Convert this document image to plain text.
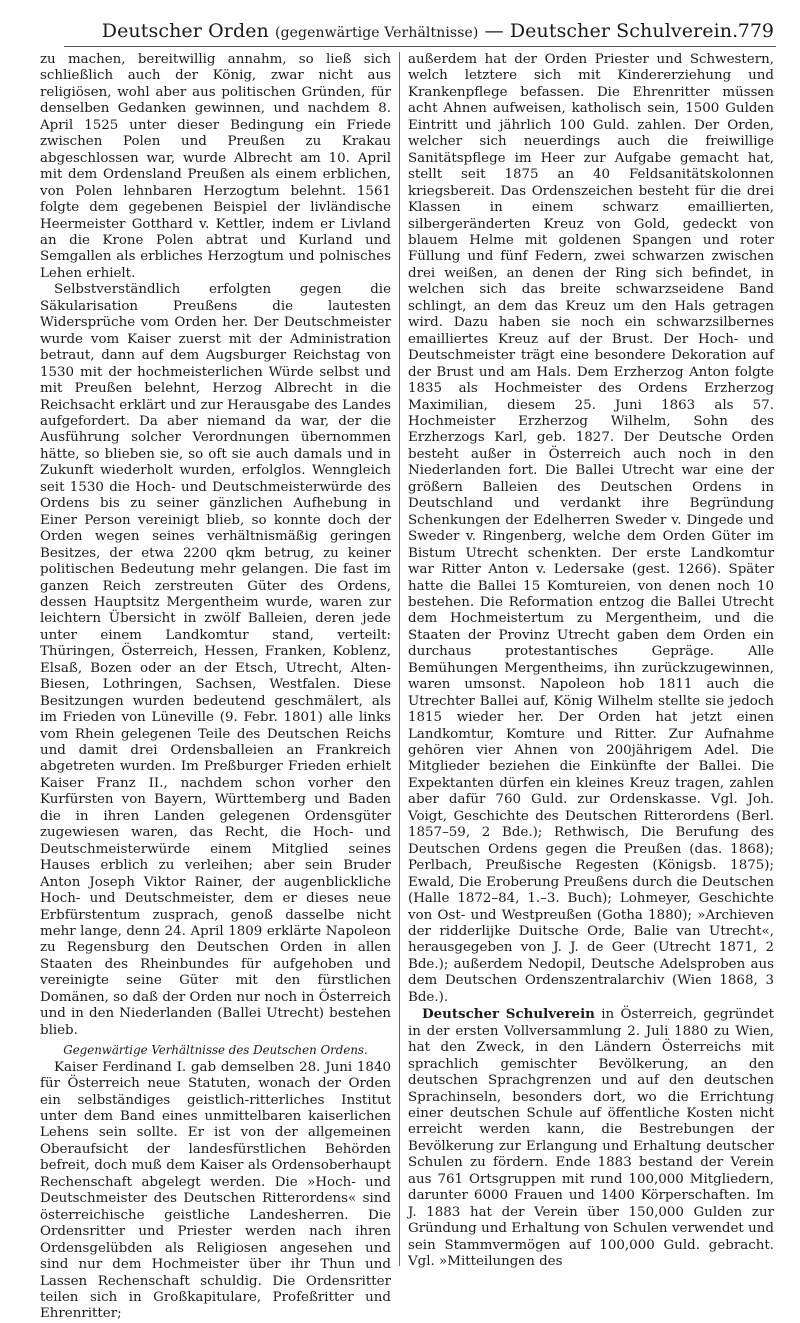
Deutscher Orden (gegenwärtige Verhältnisse) — Deutscher Schulverein. 779

zu machen, bereitwillig annahm, so ließ sich schließlich auch der König, zwar nicht aus religiösen, wohl aber aus politischen Gründen, für denselben Gedanken gewinnen, und nachdem 8. April 1525 unter dieser Bedingung ein Friede zwischen Polen und Preußen zu Krakau abgeschlossen war, wurde Albrecht am 10. April mit dem Ordensland Preußen als einem erblichen, von Polen lehnbaren Herzogtum belehnt. 1561 folgte dem gegebenen Beispiel der livländische Heermeister Gotthard v. Kettler, indem er Livland an die Krone Polen abtrat und Kurland und Semgallen als erbliches Herzogtum und polnisches Lehen erhielt.

Selbstverständlich erfolgten gegen die Säkularisation Preußens die lautesten Widersprüche vom Orden her. Der Deutschmeister wurde vom Kaiser zuerst mit der Administration betraut, dann auf dem Augsburger Reichstag von 1530 mit der hochmeisterlichen Würde selbst und mit Preußen belehnt, Herzog Albrecht in die Reichsacht erklärt und zur Herausgabe des Landes aufgefordert. Da aber niemand da war, der die Ausführung solcher Verordnungen übernommen hätte, so blieben sie, so oft sie auch damals und in Zukunft wiederholt wurden, erfolglos. Wenngleich seit 1530 die Hoch- und Deutschmeisterwürde des Ordens bis zu seiner gänzlichen Aufhebung in Einer Person vereinigt blieb, so konnte doch der Orden wegen seines verhältnismäßig geringen Besitzes, der etwa 2200 qkm betrug, zu keiner politischen Bedeutung mehr gelangen. Die fast im ganzen Reich zerstreuten Güter des Ordens, dessen Hauptsitz Mergentheim wurde, waren zur leichtern Übersicht in zwölf Balleien, deren jede unter einem Landkomtur stand, verteilt: Thüringen, Österreich, Hessen, Franken, Koblenz, Elsaß, Bozen oder an der Etsch, Utrecht, Alten-Biesen, Lothringen, Sachsen, Westfalen. Diese Besitzungen wurden bedeutend geschmälert, als im Frieden von Lüneville (9. Febr. 1801) alle links vom Rhein gelegenen Teile des Deutschen Reichs und damit drei Ordensballeien an Frankreich abgetreten wurden. Im Preßburger Frieden erhielt Kaiser Franz II., nachdem schon vorher den Kurfürsten von Bayern, Württemberg und Baden die in ihren Landen gelegenen Ordensgüter zugewiesen waren, das Recht, die Hoch- und Deutschmeisterwürde einem Mitglied seines Hauses erblich zu verleihen; aber sein Bruder Anton Joseph Viktor Rainer, der augenblickliche Hoch- und Deutschmeister, dem er dieses neue Erbfürstentum zusprach, genoß dasselbe nicht mehr lange, denn 24. April 1809 erklärte Napoleon zu Regensburg den Deutschen Orden in allen Staaten des Rheinbundes für aufgehoben und vereinigte seine Güter mit den fürstlichen Domänen, so daß der Orden nur noch in Österreich und in den Niederlanden (Ballei Utrecht) bestehen blieb.

Gegenwärtige Verhältnisse des Deutschen Ordens.

Kaiser Ferdinand I. gab demselben 28. Juni 1840 für Österreich neue Statuten, wonach der Orden ein selbständiges geistlich-ritterliches Institut unter dem Band eines unmittelbaren kaiserlichen Lehens sein sollte. Er ist von der allgemeinen Oberaufsicht der landesfürstlichen Behörden befreit, doch muß dem Kaiser als Ordensoberhaupt Rechenschaft abgelegt werden. Die »Hoch- und Deutschmeister des Deutschen Ritterordens« sind österreichische geistliche Landesherren. Die Ordensritter und Priester werden nach ihren Ordensgelübden als Religiosen angesehen und sind nur dem Hochmeister über ihr Thun und Lassen Rechenschaft schuldig. Die Ordensritter teilen sich in Großkapitulare, Profeßritter und Ehrenritter;

außerdem hat der Orden Priester und Schwestern, welch letztere sich mit Kindererziehung und Krankenpflege befassen. Die Ehrenritter müssen acht Ahnen aufweisen, katholisch sein, 1500 Gulden Eintritt und jährlich 100 Guld. zahlen. Der Orden, welcher sich neuerdings auch die freiwillige Sanitätspflege im Heer zur Aufgabe gemacht hat, stellt seit 1875 an 40 Feldsanitätskolonnen kriegsbereit. Das Ordenszeichen besteht für die drei Klassen in einem schwarz emaillierten, silbergeränderten Kreuz von Gold, gedeckt von blauem Helme mit goldenen Spangen und roter Füllung und fünf Federn, zwei schwarzen zwischen drei weißen, an denen der Ring sich befindet, in welchen sich das breite schwarzseidene Band schlingt, an dem das Kreuz um den Hals getragen wird. Dazu haben sie noch ein schwarzsilbernes emailliertes Kreuz auf der Brust. Der Hoch- und Deutschmeister trägt eine besondere Dekoration auf der Brust und am Hals. Dem Erzherzog Anton folgte 1835 als Hochmeister des Ordens Erzherzog Maximilian, diesem 25. Juni 1863 als 57. Hochmeister Erzherzog Wilhelm, Sohn des Erzherzogs Karl, geb. 1827. Der Deutsche Orden besteht außer in Österreich auch noch in den Niederlanden fort. Die Ballei Utrecht war eine der größern Balleien des Deutschen Ordens in Deutschland und verdankt ihre Begründung Schenkungen der Edelherren Sweder v. Dingede und Sweder v. Ringenberg, welche dem Orden Güter im Bistum Utrecht schenkten. Der erste Landkomtur war Ritter Anton v. Ledersake (gest. 1266). Später hatte die Ballei 15 Komtureien, von denen noch 10 bestehen. Die Reformation entzog die Ballei Utrecht dem Hochmeistertum zu Mergentheim, und die Staaten der Provinz Utrecht gaben dem Orden ein durchaus protestantisches Gepräge. Alle Bemühungen Mergentheims, ihn zurückzugewinnen, waren umsonst. Napoleon hob 1811 auch die Utrechter Ballei auf, König Wilhelm stellte sie jedoch 1815 wieder her. Der Orden hat jetzt einen Landkomtur, Komture und Ritter. Zur Aufnahme gehören vier Ahnen von 200jährigem Adel. Die Mitglieder beziehen die Einkünfte der Ballei. Die Expektanten dürfen ein kleines Kreuz tragen, zahlen aber dafür 760 Guld. zur Ordenskasse. Vgl. Joh. Voigt, Geschichte des Deutschen Ritterordens (Berl. 1857–59, 2 Bde.); Rethwisch, Die Berufung des Deutschen Ordens gegen die Preußen (das. 1868); Perlbach, Preußische Regesten (Königsb. 1875); Ewald, Die Eroberung Preußens durch die Deutschen (Halle 1872–84, 1.–3. Buch); Lohmeyer, Geschichte von Ost- und Westpreußen (Gotha 1880); »Archieven der ridderlijke Duitsche Orde, Balie van Utrecht«, herausgegeben von J. J. de Geer (Utrecht 1871, 2 Bde.); außerdem Nedopil, Deutsche Adelsproben aus dem Deutschen Ordenszentralarchiv (Wien 1868, 3 Bde.).

Deutscher Schulverein in Österreich, gegründet in der ersten Vollversammlung 2. Juli 1880 zu Wien, hat den Zweck, in den Ländern Österreichs mit sprachlich gemischter Bevölkerung, an den deutschen Sprachgrenzen und auf den deutschen Sprachinseln, besonders dort, wo die Errichtung einer deutschen Schule auf öffentliche Kosten nicht erreicht werden kann, die Bestrebungen der Bevölkerung zur Erlangung und Erhaltung deutscher Schulen zu fördern. Ende 1883 bestand der Verein aus 761 Ortsgruppen mit rund 100,000 Mitgliedern, darunter 6000 Frauen und 1400 Körperschaften. Im J. 1883 hat der Verein über 150,000 Gulden zur Gründung und Erhaltung von Schulen verwendet und sein Stammvermögen auf 100,000 Guld. gebracht. Vgl. »Mitteilungen des
